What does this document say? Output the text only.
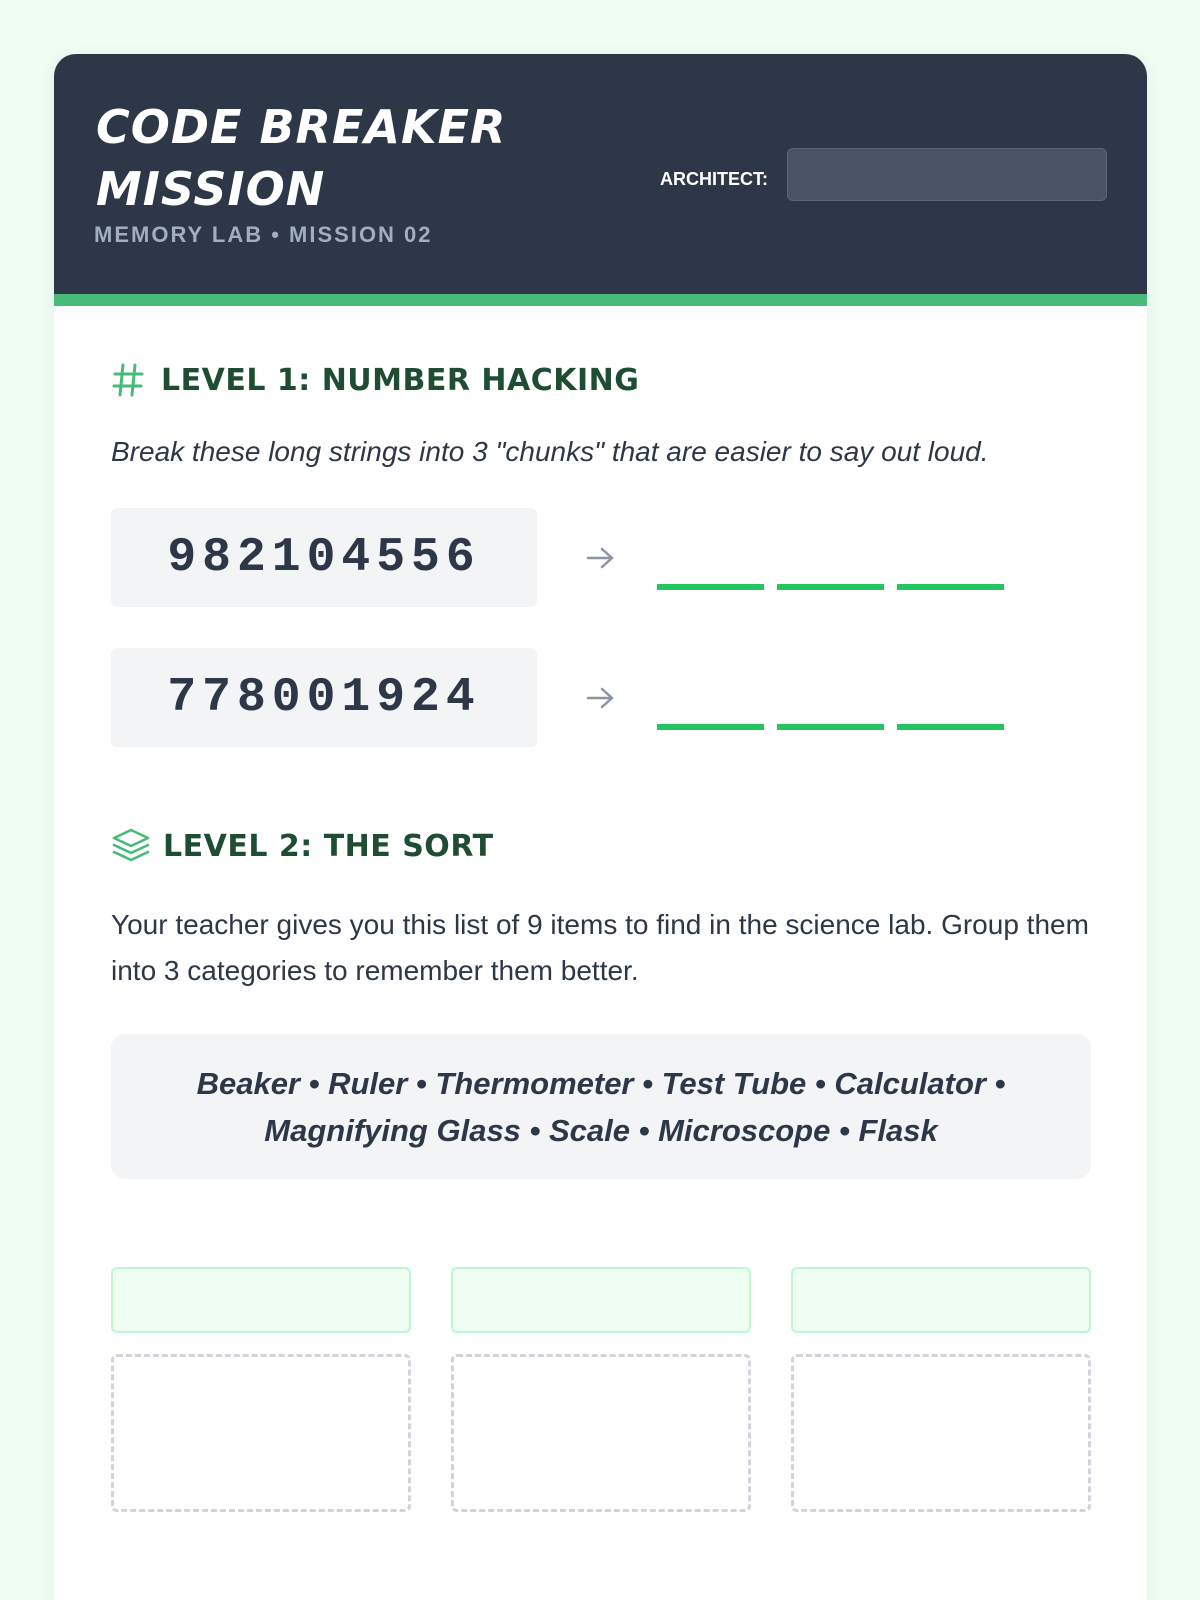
CODE BREAKER MISSION
MEMORY LAB • MISSION 02
ARCHITECT:
LEVEL 1: NUMBER HACKING
Break these long strings into 3 "chunks" that are easier to say out loud.
982104556
778001924
LEVEL 2: THE SORT
Your teacher gives you this list of 9 items to find in the science lab. Group them into 3 categories to remember them better.
Beaker • Ruler • Thermometer • Test Tube • Calculator •
Magnifying Glass • Scale • Microscope • Flask
